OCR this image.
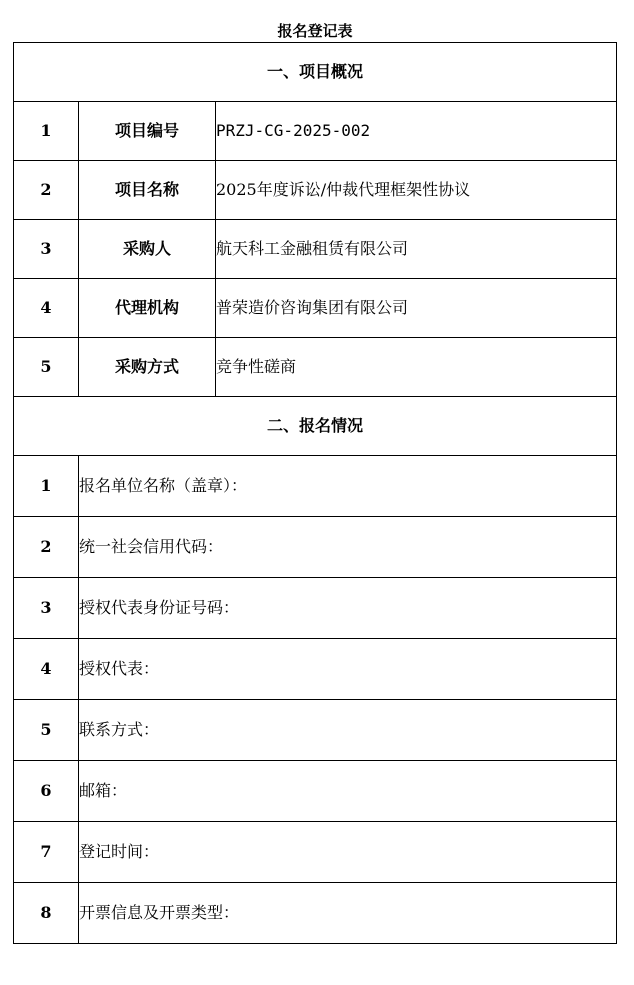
报名登记表
一、项目概况		
1	项目编号	PRZJ-CG-2025-002
2	项目名称	2025年度诉讼/仲裁代理框架性协议
3	采购人	航天科工金融租赁有限公司
4	代理机构	普荣造价咨询集团有限公司
5	采购方式	竞争性磋商
二、报名情况		
1	报名单位名称（盖章）：	
2	统一社会信用代码：	
3	授权代表身份证号码：	
4	授权代表：	
5	联系方式：	
6	邮箱：	
7	登记时间：	
8	开票信息及开票类型：	
